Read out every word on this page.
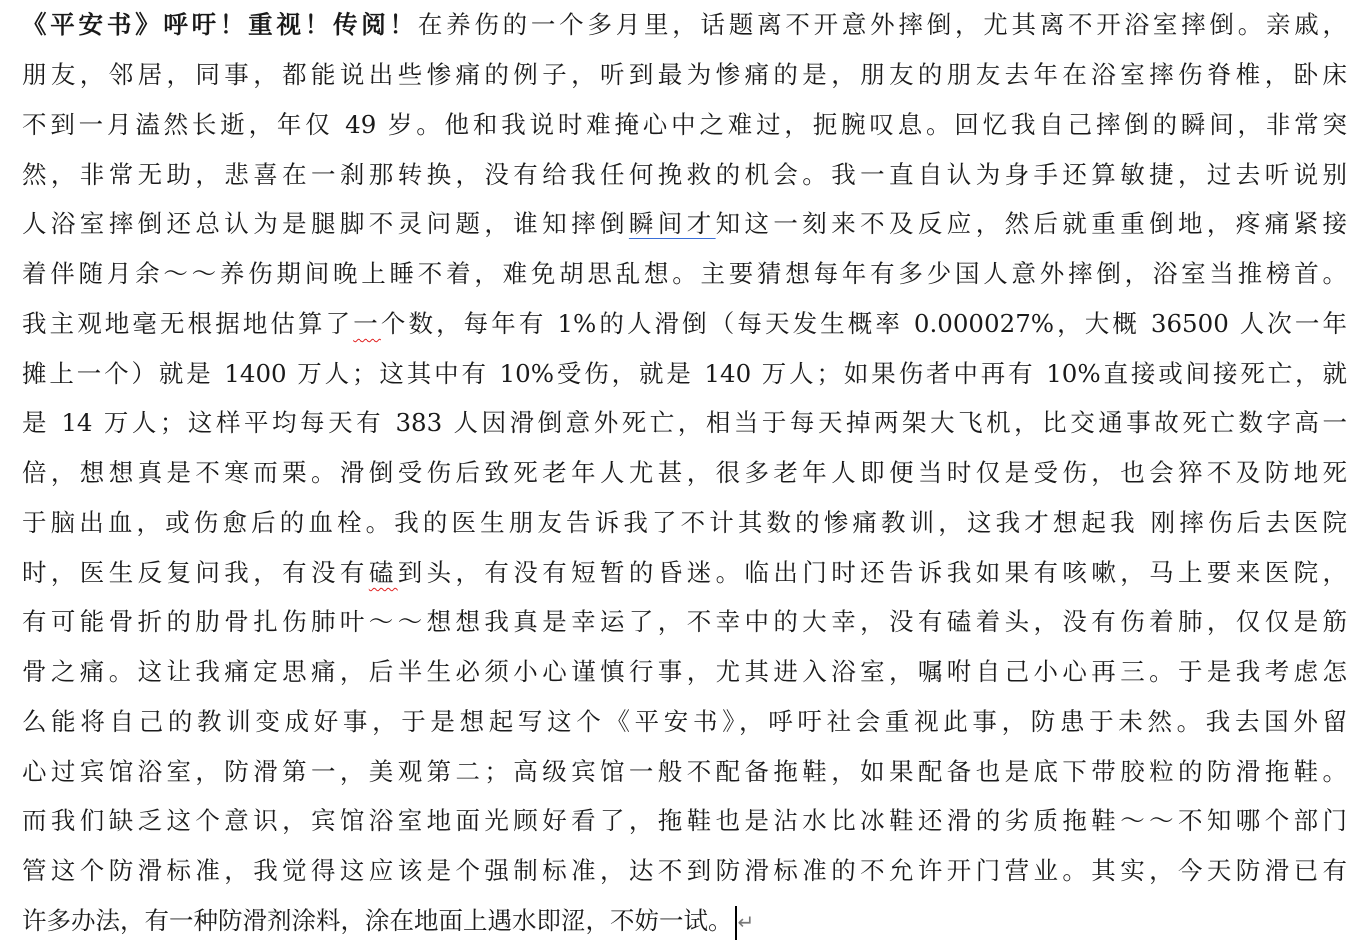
《平安书》呼吁！重视！传阅！在养伤的一个多月里，话题离不开意外摔倒，尤其离不开浴室摔倒。亲戚，
朋友，邻居，同事，都能说出些惨痛的例子，听到最为惨痛的是，朋友的朋友去年在浴室摔伤脊椎，卧床
不到一月溘然长逝，年仅 49 岁。他和我说时难掩心中之难过，扼腕叹息。回忆我自己摔倒的瞬间，非常突
然，非常无助，悲喜在一刹那转换，没有给我任何挽救的机会。我一直自认为身手还算敏捷，过去听说别
人浴室摔倒还总认为是腿脚不灵问题，谁知摔倒瞬间才知这一刻来不及反应，然后就重重倒地，疼痛紧接
着伴随月余～～养伤期间晚上睡不着，难免胡思乱想。主要猜想每年有多少国人意外摔倒，浴室当推榜首。
我主观地毫无根据地估算了一个数，每年有 1%的人滑倒（每天发生概率 0.000027%，大概 36500 人次一年
摊上一个）就是 1400 万人；这其中有 10%受伤，就是 140 万人；如果伤者中再有 10%直接或间接死亡，就
是 14 万人；这样平均每天有 383 人因滑倒意外死亡，相当于每天掉两架大飞机，比交通事故死亡数字高一
倍，想想真是不寒而栗。滑倒受伤后致死老年人尤甚，很多老年人即便当时仅是受伤，也会猝不及防地死
于脑出血，或伤愈后的血栓。我的医生朋友告诉我了不计其数的惨痛教训，这我才想起我 刚摔伤后去医院
时，医生反复问我，有没有磕到头，有没有短暂的昏迷。临出门时还告诉我如果有咳嗽，马上要来医院，
有可能骨折的肋骨扎伤肺叶～～想想我真是幸运了，不幸中的大幸，没有磕着头，没有伤着肺，仅仅是筋
骨之痛。这让我痛定思痛，后半生必须小心谨慎行事，尤其进入浴室，嘱咐自己小心再三。于是我考虑怎
么能将自己的教训变成好事，于是想起写这个《平安书》，呼吁社会重视此事，防患于未然。我去国外留
心过宾馆浴室，防滑第一，美观第二；高级宾馆一般不配备拖鞋，如果配备也是底下带胶粒的防滑拖鞋。
而我们缺乏这个意识，宾馆浴室地面光顾好看了，拖鞋也是沾水比冰鞋还滑的劣质拖鞋～～不知哪个部门
管这个防滑标准，我觉得这应该是个强制标准，达不到防滑标准的不允许开门营业。其实，今天防滑已有
许多办法，有一种防滑剂涂料，涂在地面上遇水即涩，不妨一试。 ↵
